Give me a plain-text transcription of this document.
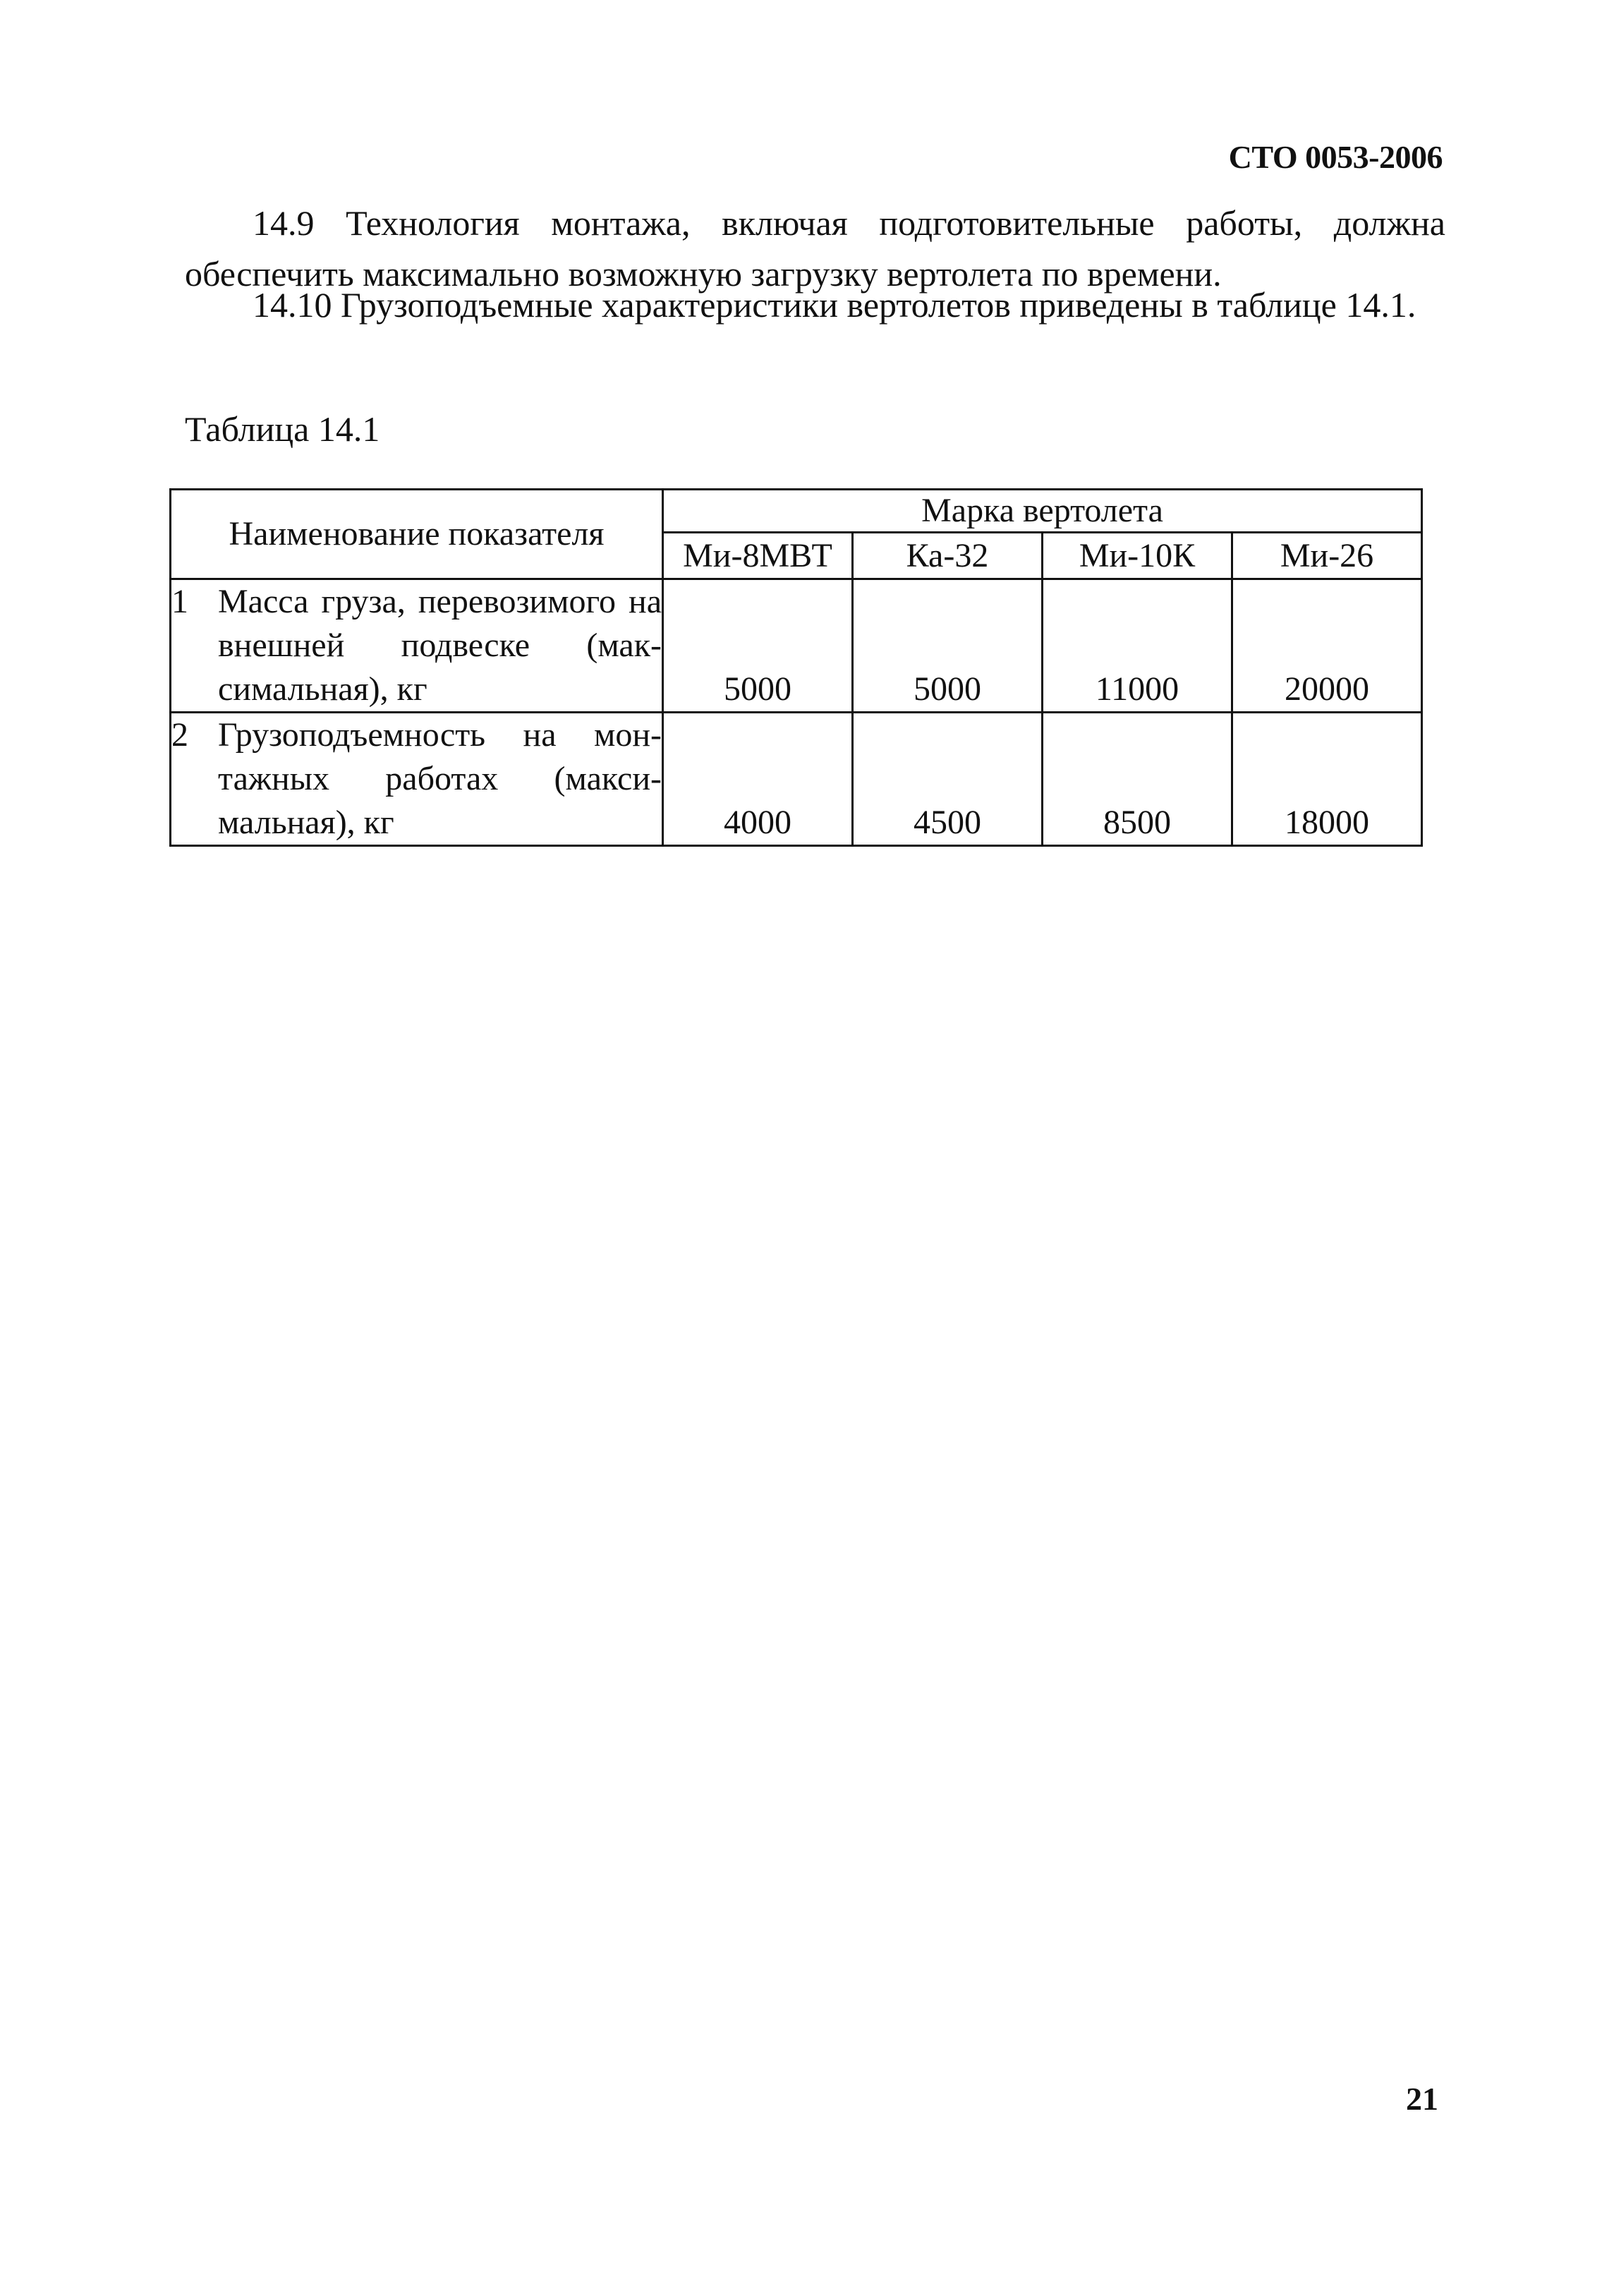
СТО 0053-2006
14.9 Технология монтажа, включая подготовительные работы, должна обеспечить максимально возможную загрузку вертолета по времени.
14.10 Грузоподъемные характеристики вертолетов приведены в таблице 14.1.
Таблица 14.1
Наименование показателя	Марка вертолета			
	Ми-8МВТ	Ка-32	Ми-10К	Ми-26

1 Масса груза, перевозимого на внешней подвеске (максимальная), кг	5000	5000	11000	20000

2 Грузоподъемность на монтажных работах (максимальная), кг	4000	4500	8500	18000
21
